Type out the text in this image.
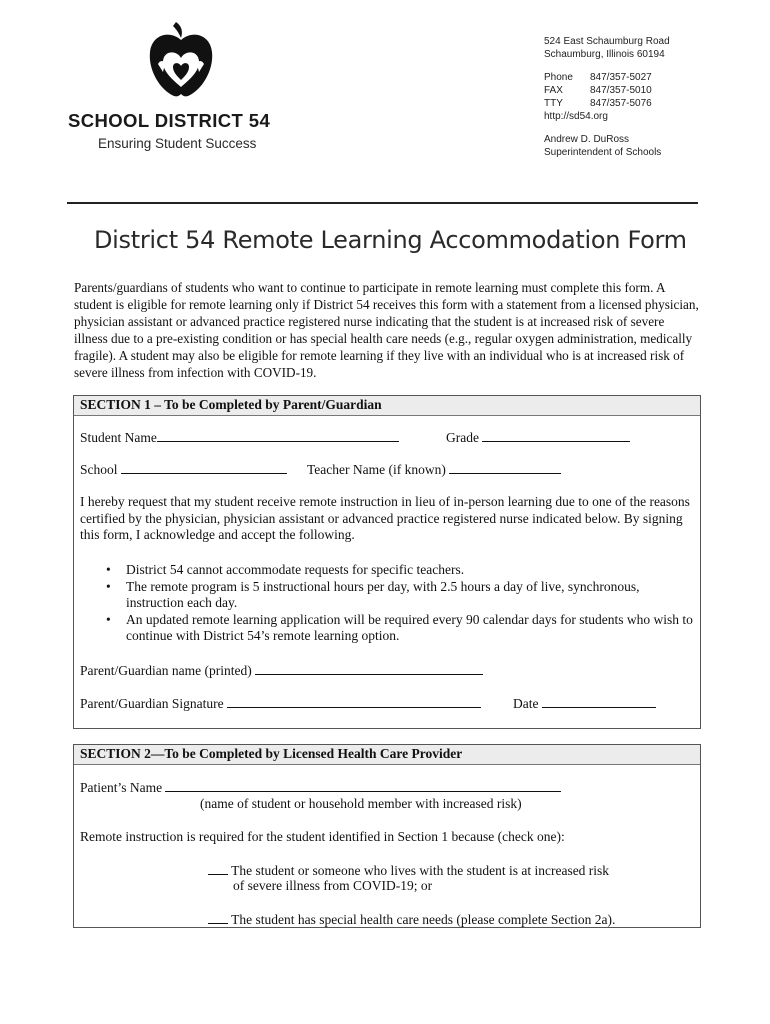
SCHOOL DISTRICT 54
Ensuring Student Success
524 East Schaumburg Road
Schaumburg, Illinois 60194
Phone	847/357-5027
FAX	847/357-5010
TTY	847/357-5076
http://sd54.org
Andrew D. DuRoss
Superintendent of Schools
District 54 Remote Learning Accommodation Form
Parents/guardians of students who want to continue to participate in remote learning must complete this form. A student is eligible for remote learning only if District 54 receives this form with a statement from a licensed physician, physician assistant or advanced practice registered nurse indicating that the student is at increased risk of severe illness due to a pre-existing condition or has special health care needs (e.g., regular oxygen administration, medically fragile). A student may also be eligible for remote learning if they live with an individual who is at increased risk of severe illness from infection with COVID-19.
SECTION 1 – To be Completed by Parent/Guardian
Student Name	Grade
School	Teacher Name (if known)
I hereby request that my student receive remote instruction in lieu of in-person learning due to one of the reasons certified by the physician, physician assistant or advanced practice registered nurse indicated below. By signing this form, I acknowledge and accept the following.
• District 54 cannot accommodate requests for specific teachers.
• The remote program is 5 instructional hours per day, with 2.5 hours a day of live, synchronous, instruction each day.
• An updated remote learning application will be required every 90 calendar days for students who wish to continue with District 54’s remote learning option.
Parent/Guardian name (printed)
Parent/Guardian Signature	Date
SECTION 2—To be Completed by Licensed Health Care Provider
Patient’s Name
(name of student or household member with increased risk)
Remote instruction is required for the student identified in Section 1 because (check one):
The student or someone who lives with the student is at increased risk
of severe illness from COVID-19; or
The student has special health care needs (please complete Section 2a).
